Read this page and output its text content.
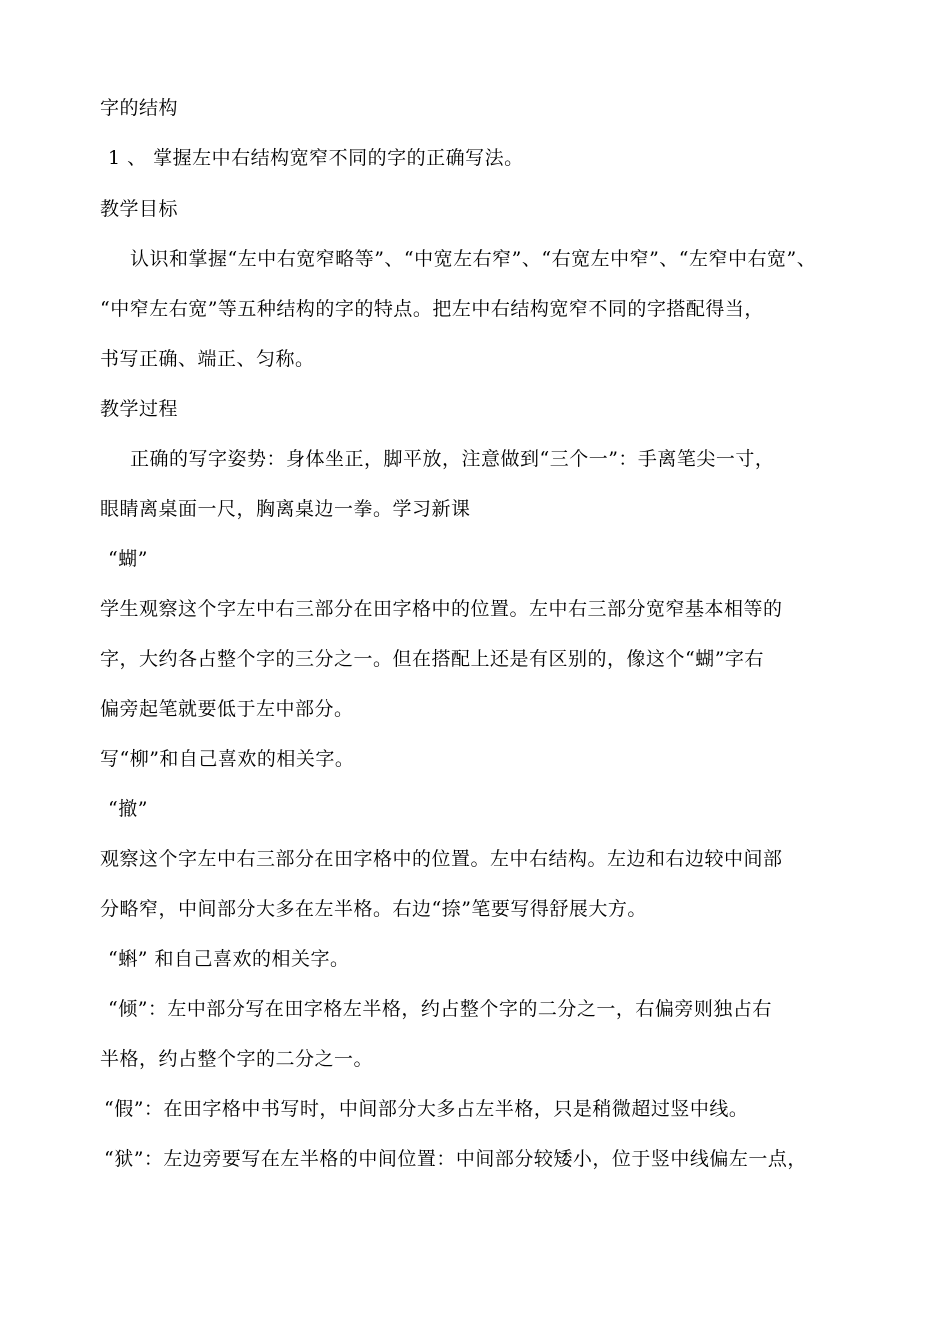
字的结构
1 、 掌握左中右结构宽窄不同的字的正确写法。
教学目标
认识和掌握“左中右宽窄略等”、“中宽左右窄”、“右宽左中窄”、“左窄中右宽”、
“中窄左右宽”等五种结构的字的特点。把左中右结构宽窄不同的字搭配得当，
书写正确、端正、匀称。
教学过程
正确的写字姿势：身体坐正，脚平放，注意做到“三个一”：手离笔尖一寸，
眼睛离桌面一尺，胸离桌边一拳。学习新课
“蝴”
学生观察这个字左中右三部分在田字格中的位置。左中右三部分宽窄基本相等的
字，大约各占整个字的三分之一。但在搭配上还是有区别的，像这个“蝴”字右
偏旁起笔就要低于左中部分。
写“柳”和自己喜欢的相关字。
“撤”
观察这个字左中右三部分在田字格中的位置。左中右结构。左边和右边较中间部
分略窄，中间部分大多在左半格。右边“捺”笔要写得舒展大方。
“蝌” 和自己喜欢的相关字。
“倾”：左中部分写在田字格左半格，约占整个字的二分之一，右偏旁则独占右
半格，约占整个字的二分之一。
“假”：在田字格中书写时，中间部分大多占左半格，只是稍微超过竖中线。
“狱”：左边旁要写在左半格的中间位置：中间部分较矮小，位于竖中线偏左一点，
